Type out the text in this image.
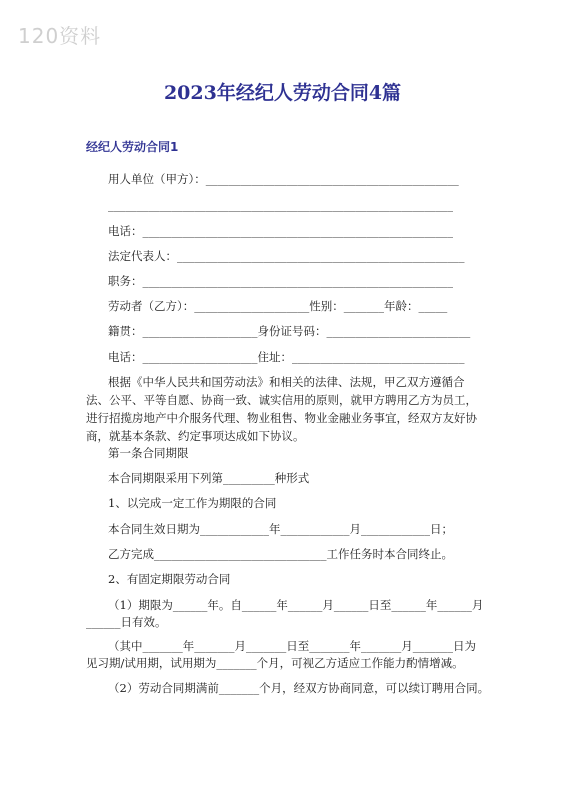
120资料
2023年经纪人劳动合同4篇
经纪人劳动合同1
用人单位（甲方）：____________________________________________
____________________________________________________________
电话：______________________________________________________
法定代表人：__________________________________________________
职务：______________________________________________________
劳动者（乙方）：____________________性别：_______年龄：_____
籍贯：____________________身份证号码：_________________________
电话：____________________住址：______________________________
根据《中华人民共和国劳动法》和相关的法律、法规，甲乙双方遵循合法、公平、平等自愿、协商一致、诚实信用的原则，就甲方聘用乙方为员工，进行招揽房地产中介服务代理、物业租售、物业金融业务事宜，经双方友好协商，就基本条款、约定事项达成如下协议。
第一条合同期限
本合同期限采用下列第_________种形式
1、以完成一定工作为期限的合同
本合同生效日期为____________年____________月____________日；
乙方完成______________________________工作任务时本合同终止。
2、有固定期限劳动合同
（1）期限为______年。自______年______月______日至______年______月
______日有效。
（其中_______年_______月_______日至_______年_______月_______日为
见习期/试用期，试用期为_______个月，可视乙方适应工作能力酌情增减。
（2）劳动合同期满前_______个月，经双方协商同意，可以续订聘用合同。
